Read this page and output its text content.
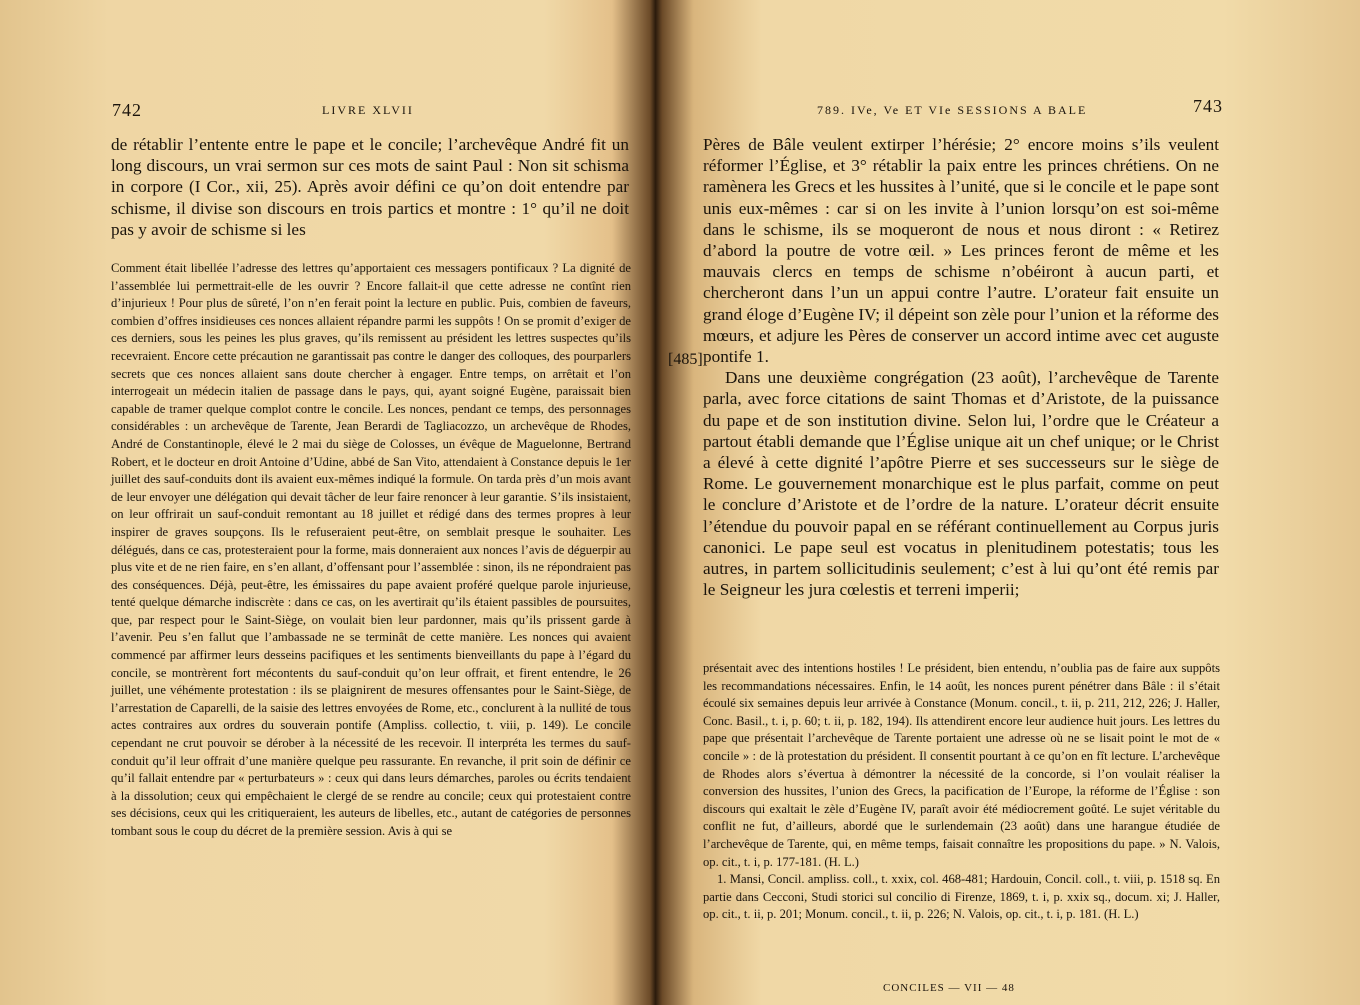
742	LIVRE XLVII

de rétablir l’entente entre le pape et le concile; l’archevêque André fit un long discours, un vrai sermon sur ces mots de saint Paul : Non sit schisma in corpore (I Cor., xii, 25). Après avoir défini ce qu’on doit entendre par schisme, il divise son discours en trois partics et montre : 1° qu’il ne doit pas y avoir de schisme si les

Comment était libellée l’adresse des lettres qu’apportaient ces messagers pontificaux ? La dignité de l’assemblée lui permettrait-elle de les ouvrir ? Encore fallait-il que cette adresse ne contînt rien d’injurieux ! Pour plus de sûreté, l’on n’en ferait point la lecture en public. Puis, combien de faveurs, combien d’offres insidieuses ces nonces allaient répandre parmi les suppôts ! On se promit d’exiger de ces derniers, sous les peines les plus graves, qu’ils remissent au président les lettres suspectes qu’ils recevraient. Encore cette précaution ne garantissait pas contre le danger des colloques, des pourparlers secrets que ces nonces allaient sans doute chercher à engager. Entre temps, on arrêtait et l’on interrogeait un médecin italien de passage dans le pays, qui, ayant soigné Eugène, paraissait bien capable de tramer quelque complot contre le concile. Les nonces, pendant ce temps, des personnages considérables : un archevêque de Tarente, Jean Berardi de Tagliacozzo, un archevêque de Rhodes, André de Constantinople, élevé le 2 mai du siège de Colosses, un évêque de Maguelonne, Bertrand Robert, et le docteur en droit Antoine d’Udine, abbé de San Vito, attendaient à Constance depuis le 1er juillet des sauf-conduits dont ils avaient eux-mêmes indiqué la formule. On tarda près d’un mois avant de leur envoyer une délégation qui devait tâcher de leur faire renoncer à leur garantie. S’ils insistaient, on leur offrirait un sauf-conduit remontant au 18 juillet et rédigé dans des termes propres à leur inspirer de graves soupçons. Ils le refuseraient peut-être, on semblait presque le souhaiter. Les délégués, dans ce cas, protesteraient pour la forme, mais donneraient aux nonces l’avis de déguerpir au plus vite et de ne rien faire, en s’en allant, d’offensant pour l’assemblée : sinon, ils ne répondraient pas des conséquences. Déjà, peut-être, les émissaires du pape avaient proféré quelque parole injurieuse, tenté quelque démarche indiscrète : dans ce cas, on les avertirait qu’ils étaient passibles de poursuites, que, par respect pour le Saint-Siège, on voulait bien leur pardonner, mais qu’ils prissent garde à l’avenir. Peu s’en fallut que l’ambassade ne se terminât de cette manière. Les nonces qui avaient commencé par affirmer leurs desseins pacifiques et les sentiments bienveillants du pape à l’égard du concile, se montrèrent fort mécontents du sauf-conduit qu’on leur offrait, et firent entendre, le 26 juillet, une véhémente protestation : ils se plaignirent de mesures offensantes pour le Saint-Siège, de l’arrestation de Caparelli, de la saisie des lettres envoyées de Rome, etc., conclurent à la nullité de tous actes contraires aux ordres du souverain pontife (Ampliss. collectio, t. viii, p. 149). Le concile cependant ne crut pouvoir se dérober à la nécessité de les recevoir. Il interpréta les termes du sauf-conduit qu’il leur offrait d’une manière quelque peu rassurante. En revanche, il prit soin de définir ce qu’il fallait entendre par « perturbateurs » : ceux qui dans leurs démarches, paroles ou écrits tendaient à la dissolution; ceux qui empêchaient le clergé de se rendre au concile; ceux qui protestaient contre ses décisions, ceux qui les critiqueraient, les auteurs de libelles, etc., autant de catégories de personnes tombant sous le coup du décret de la première session. Avis à qui se

789. IVe, Ve ET VIe SESSIONS A BALE	743
[485]

Pères de Bâle veulent extirper l’hérésie; 2° encore moins s’ils veulent réformer l’Église, et 3° rétablir la paix entre les princes chrétiens. On ne ramènera les Grecs et les hussites à l’unité, que si le concile et le pape sont unis eux-mêmes : car si on les invite à l’union lorsqu’on est soi-même dans le schisme, ils se moqueront de nous et nous diront : « Retirez d’abord la poutre de votre œil. » Les princes feront de même et les mauvais clercs en temps de schisme n’obéiront à aucun parti, et chercheront dans l’un un appui contre l’autre. L’orateur fait ensuite un grand éloge d’Eugène IV; il dépeint son zèle pour l’union et la réforme des mœurs, et adjure les Pères de conserver un accord intime avec cet auguste pontife 1.

Dans une deuxième congrégation (23 août), l’archevêque de Tarente parla, avec force citations de saint Thomas et d’Aristote, de la puissance du pape et de son institution divine. Selon lui, l’ordre que le Créateur a partout établi demande que l’Église unique ait un chef unique; or le Christ a élevé à cette dignité l’apôtre Pierre et ses successeurs sur le siège de Rome. Le gouvernement monarchique est le plus parfait, comme on peut le conclure d’Aristote et de l’ordre de la nature. L’orateur décrit ensuite l’étendue du pouvoir papal en se référant continuellement au Corpus juris canonici. Le pape seul est vocatus in plenitudinem potestatis; tous les autres, in partem sollicitudinis seulement; c’est à lui qu’ont été remis par le Seigneur les jura cœlestis et terreni imperii;

présentait avec des intentions hostiles ! Le président, bien entendu, n’oublia pas de faire aux suppôts les recommandations nécessaires. Enfin, le 14 août, les nonces purent pénétrer dans Bâle : il s’était écoulé six semaines depuis leur arrivée à Constance (Monum. concil., t. ii, p. 211, 212, 226; J. Haller, Conc. Basil., t. i, p. 60; t. ii, p. 182, 194). Ils attendirent encore leur audience huit jours. Les lettres du pape que présentait l’archevêque de Tarente portaient une adresse où ne se lisait point le mot de « concile » : de là protestation du président. Il consentit pourtant à ce qu’on en fît lecture. L’archevêque de Rhodes alors s’évertua à démontrer la nécessité de la concorde, si l’on voulait réaliser la conversion des hussites, l’union des Grecs, la pacification de l’Europe, la réforme de l’Église : son discours qui exaltait le zèle d’Eugène IV, paraît avoir été médiocrement goûté. Le sujet véritable du conflit ne fut, d’ailleurs, abordé que le surlendemain (23 août) dans une harangue étudiée de l’archevêque de Tarente, qui, en même temps, faisait connaître les propositions du pape. » N. Valois, op. cit., t. i, p. 177-181. (H. L.)

1. Mansi, Concil. ampliss. coll., t. xxix, col. 468-481; Hardouin, Concil. coll., t. viii, p. 1518 sq. En partie dans Cecconi, Studi storici sul concilio di Firenze, 1869, t. i, p. xxix sq., docum. xi; J. Haller, op. cit., t. ii, p. 201; Monum. concil., t. ii, p. 226; N. Valois, op. cit., t. i, p. 181. (H. L.)

CONCILES — VII — 48
